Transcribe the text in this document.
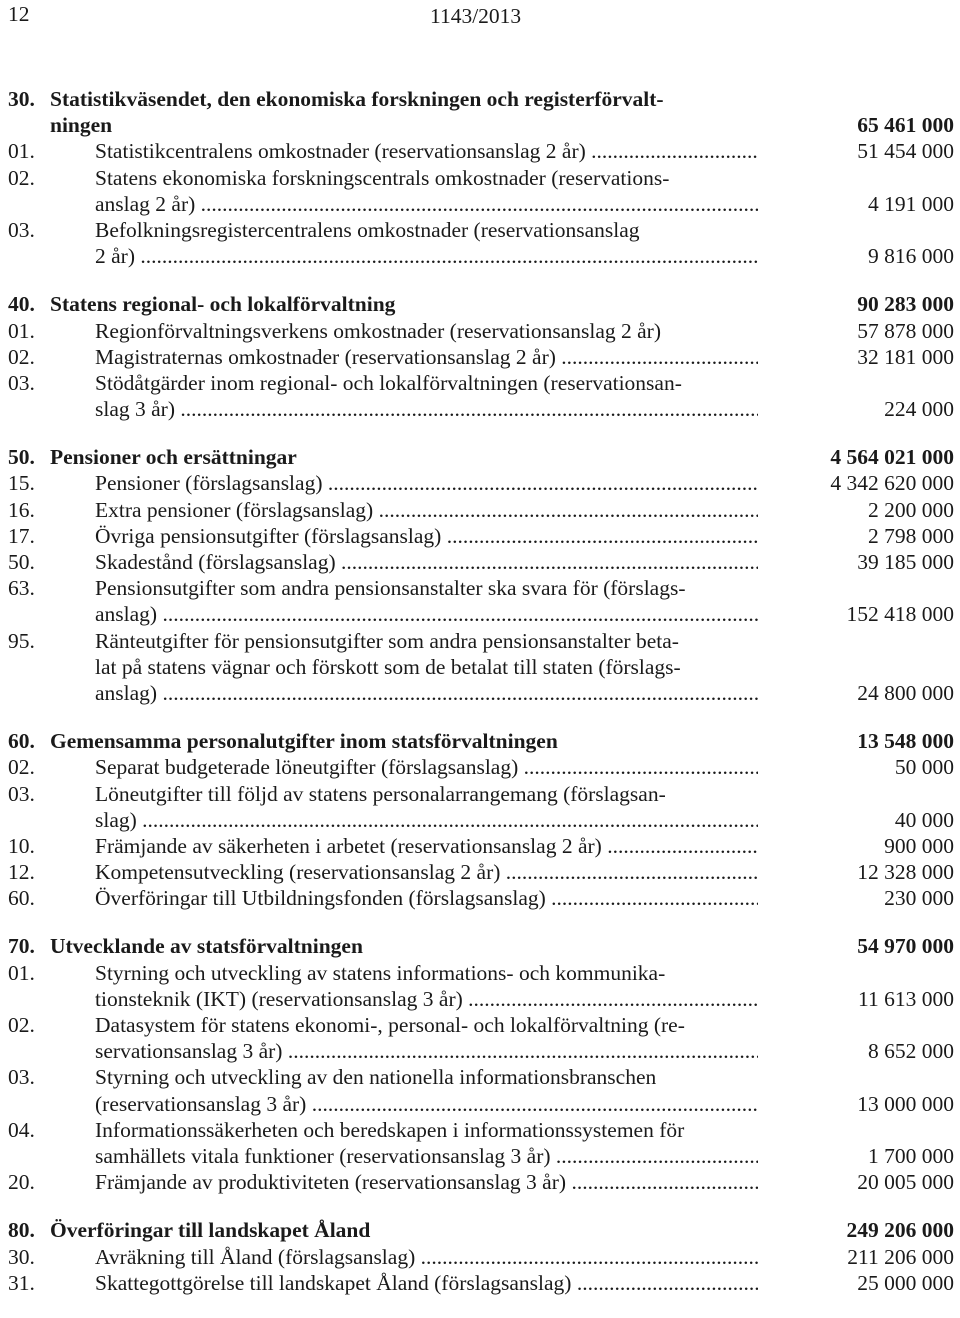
12	1143/2013
30. Statistikväsendet, den ekonomiska forskningen och registerförvalt-
ningen	65 461 000
01.	Statistikcentralens omkostnader (reservationsanslag 2 år) .....	51 454 000
02.	Statens ekonomiska forskningscentrals omkostnader (reservations-
anslag 2 år) .....	4 191 000
03.	Befolkningsregistercentralens omkostnader (reservationsanslag
2 år) .....	9 816 000
40. Statens regional- och lokalförvaltning	90 283 000
01.	Regionförvaltningsverkens omkostnader (reservationsanslag 2 år)	57 878 000
02.	Magistraternas omkostnader (reservationsanslag 2 år) .....	32 181 000
03.	Stödåtgärder inom regional- och lokalförvaltningen (reservationsan-
slag 3 år) .....	224 000
50. Pensioner och ersättningar	4 564 021 000
15.	Pensioner (förslagsanslag) .....	4 342 620 000
16.	Extra pensioner (förslagsanslag) .....	2 200 000
17.	Övriga pensionsutgifter (förslagsanslag) .....	2 798 000
50.	Skadestånd (förslagsanslag) .....	39 185 000
63.	Pensionsutgifter som andra pensionsanstalter ska svara för (förslags-
anslag) .....	152 418 000
95.	Ränteutgifter för pensionsutgifter som andra pensionsanstalter beta-
lat på statens vägnar och förskott som de betalat till staten (förslags-
anslag) .....	24 800 000
60. Gemensamma personalutgifter inom statsförvaltningen	13 548 000
02.	Separat budgeterade löneutgifter (förslagsanslag) .....	50 000
03.	Löneutgifter till följd av statens personalarrangemang (förslagsan-
slag) .....	40 000
10.	Främjande av säkerheten i arbetet (reservationsanslag 2 år) .....	900 000
12.	Kompetensutveckling (reservationsanslag 2 år) .....	12 328 000
60.	Överföringar till Utbildningsfonden (förslagsanslag) .....	230 000
70. Utvecklande av statsförvaltningen	54 970 000
01.	Styrning och utveckling av statens informations- och kommunika-
tionsteknik (IKT) (reservationsanslag 3 år) .....	11 613 000
02.	Datasystem för statens ekonomi-, personal- och lokalförvaltning (re-
servationsanslag 3 år) .....	8 652 000
03.	Styrning och utveckling av den nationella informationsbranschen
(reservationsanslag 3 år) .....	13 000 000
04.	Informationssäkerheten och beredskapen i informationssystemen för
samhällets vitala funktioner (reservationsanslag 3 år) .....	1 700 000
20.	Främjande av produktiviteten (reservationsanslag 3 år) .....	20 005 000
80. Överföringar till landskapet Åland	249 206 000
30.	Avräkning till Åland (förslagsanslag) .....	211 206 000
31.	Skattegottgörelse till landskapet Åland (förslagsanslag) .....	25 000 000
